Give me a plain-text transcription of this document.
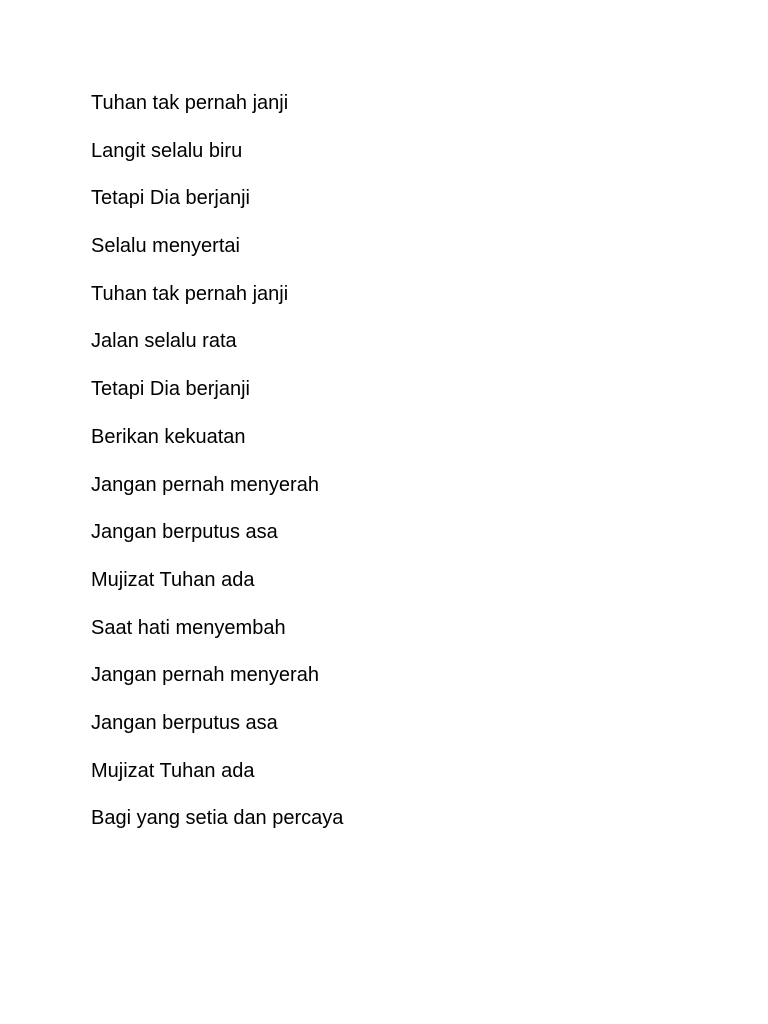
Tuhan tak pernah janji
Langit selalu biru
Tetapi Dia berjanji
Selalu menyertai
Tuhan tak pernah janji
Jalan selalu rata
Tetapi Dia berjanji
Berikan kekuatan
Jangan pernah menyerah
Jangan berputus asa
Mujizat Tuhan ada
Saat hati menyembah
Jangan pernah menyerah
Jangan berputus asa
Mujizat Tuhan ada
Bagi yang setia dan percaya
